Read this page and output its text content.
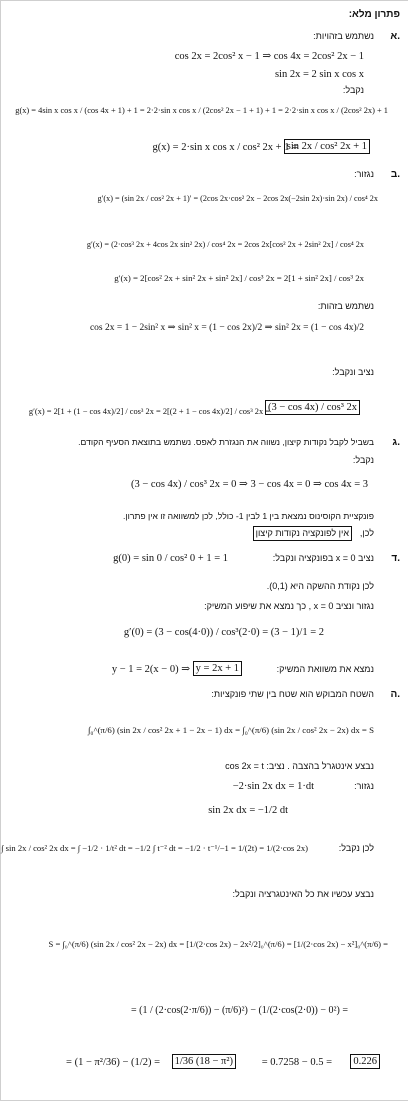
פתרון מלא:
א.
נשתמש בזהויות:
cos 2x = 2cos² x − 1 ⇒ cos 4x = 2cos² 2x − 1
sin 2x = 2 sin x cos x
נקבל:
g(x) = 4sin x cos x / (cos 4x + 1) + 1 = 2·2·sin x cos x / (2cos² 2x − 1 + 1) + 1 = 2·2·sin x cos x / (2cos² 2x) + 1
g(x) = 2·sin x cos x / cos² 2x + 1 =
sin 2x / cos² 2x + 1
ב.
נגזור:
g′(x) = (sin 2x / cos² 2x + 1)′ = (2cos 2x·cos² 2x − 2cos 2x(−2sin 2x)·sin 2x) / cos⁴ 2x
g′(x) = (2·cos³ 2x + 4cos 2x sin² 2x) / cos⁴ 2x = 2cos 2x[cos² 2x + 2sin² 2x] / cos⁴ 2x
g′(x) = 2[cos² 2x + sin² 2x + sin² 2x] / cos³ 2x = 2[1 + sin² 2x] / cos³ 2x
נשתמש בזהות:
cos 2x = 1 − 2sin² x ⇒ sin² x = (1 − cos 2x)/2 ⇒ sin² 2x = (1 − cos 4x)/2
נציב ונקבל:
g′(x) = 2[1 + (1 − cos 4x)/2] / cos³ 2x = 2[(2 + 1 − cos 4x)/2] / cos³ 2x =
(3 − cos 4x) / cos³ 2x
ג.
בשביל לקבל נקודות קיצון, נשווה את הנגזרת לאפס. נשתמש בתוצאת הסעיף הקודם.
נקבל:
(3 − cos 4x) / cos³ 2x = 0 ⇒ 3 − cos 4x = 0 ⇒ cos 4x = 3
פונקציית הקוסינוס נמצאת בין 1 לבין 1- כולל, לכן למשוואה זו אין פתרון.
לכן,
אין לפונקציה נקודות קיצון
ד.
נציב x = 0 בפונקציה ונקבל:
g(0) = sin 0 / cos² 0 + 1 = 1
לכן נקודת ההשקה היא (0,1).
נגזור ונציב x = 0 , כך נמצא את שיפוע המשיק:
g′(0) = (3 − cos(4·0)) / cos³(2·0) = (3 − 1)/1 = 2
נמצא את משוואת המשיק:
y − 1 = 2(x − 0) ⇒ y = 2x + 1
ה.
השטח המבוקש הוא שטח בין שתי פונקציות:
∫₀^(π/6) (sin 2x / cos² 2x + 1 − 2x − 1) dx = ∫₀^(π/6) (sin 2x / cos² 2x − 2x) dx = S
נבצע אינטגרל בהצבה . נציב: cos 2x = t
נגזור:
−2·sin 2x dx = 1·dt
sin 2x dx = −1/2 dt
∫ sin 2x / cos² 2x dx = ∫ −1/2 · 1/t² dt = −1/2 ∫ t⁻² dt = −1/2 · t⁻¹/−1 = 1/(2t) = 1/(2·cos 2x)	לכן נקבל:
נבצע עכשיו את כל האינטגרציה ונקבל:
S = ∫₀^(π/6) (sin 2x / cos² 2x − 2x) dx = [1/(2·cos 2x) − 2x²/2]₀^(π/6) = [1/(2·cos 2x) − x²]₀^(π/6) =
= (1 / (2·cos(2·π/6)) − (π/6)²) − (1/(2·cos(2·0)) − 0²) =
= (1 − π²/36) − (1/2) = 1/36 (18 − π²)	= 0.7258 − 0.5 = 0.226
